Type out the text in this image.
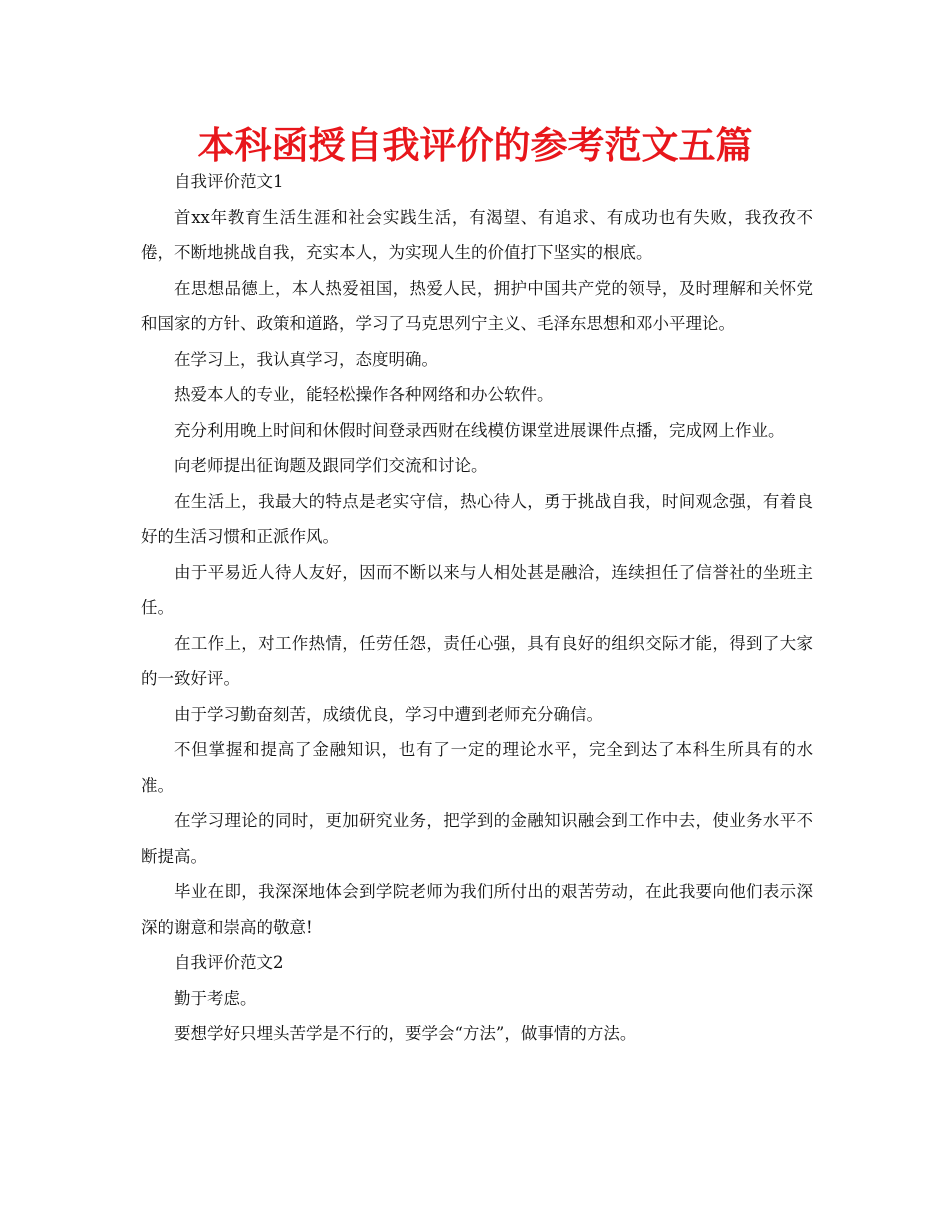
本科函授自我评价的参考范文五篇

自我评价范文1

首xx年教育生活生涯和社会实践生活，有渴望、有追求、有成功也有失败，我孜孜不倦，不断地挑战自我，充实本人，为实现人生的价值打下坚实的根底。

在思想品德上，本人热爱祖国，热爱人民，拥护中国共产党的领导，及时理解和关怀党和国家的方针、政策和道路，学习了马克思列宁主义、毛泽东思想和邓小平理论。

在学习上，我认真学习，态度明确。

热爱本人的专业，能轻松操作各种网络和办公软件。

充分利用晚上时间和休假时间登录西财在线模仿课堂进展课件点播，完成网上作业。

向老师提出征询题及跟同学们交流和讨论。

在生活上，我最大的特点是老实守信，热心待人，勇于挑战自我，时间观念强，有着良好的生活习惯和正派作风。

由于平易近人待人友好，因而不断以来与人相处甚是融洽，连续担任了信誉社的坐班主任。

在工作上，对工作热情，任劳任怨，责任心强，具有良好的组织交际才能，得到了大家的一致好评。

由于学习勤奋刻苦，成绩优良，学习中遭到老师充分确信。

不但掌握和提高了金融知识，也有了一定的理论水平，完全到达了本科生所具有的水准。

在学习理论的同时，更加研究业务，把学到的金融知识融会到工作中去，使业务水平不断提高。

毕业在即，我深深地体会到学院老师为我们所付出的艰苦劳动，在此我要向他们表示深深的谢意和崇高的敬意!

自我评价范文2

勤于考虑。

要想学好只埋头苦学是不行的，要学会“方法”，做事情的方法。
